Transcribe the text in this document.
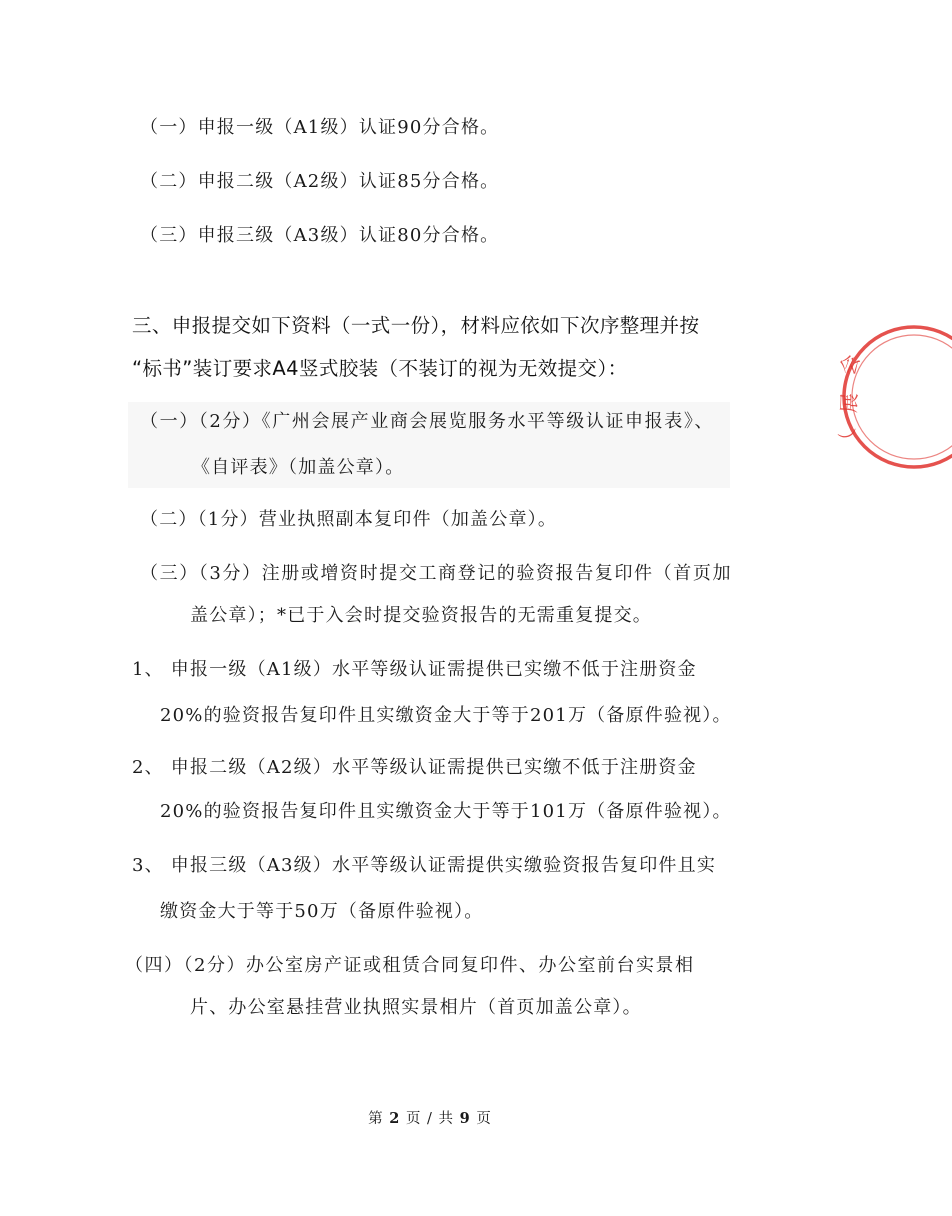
（一）申报一级（A1级）认证90分合格。
（二）申报二级（A2级）认证85分合格。
（三）申报三级（A3级）认证80分合格。
三、申报提交如下资料（一式一份），材料应依如下次序整理并按
“标书”装订要求A4竖式胶装（不装订的视为无效提交）：
（一）（2分）《广州会展产业商会展览服务水平等级认证申报表》、
《自评表》（加盖公章）。
（二）（1分）营业执照副本复印件（加盖公章）。
（三）（3分）注册或增资时提交工商登记的验资报告复印件（首页加
盖公章）；*已于入会时提交验资报告的无需重复提交。
1、 申报一级（A1级）水平等级认证需提供已实缴不低于注册资金
20%的验资报告复印件且实缴资金大于等于201万（备原件验视）。
2、 申报二级（A2级）水平等级认证需提供已实缴不低于注册资金
20%的验资报告复印件且实缴资金大于等于101万（备原件验视）。
3、 申报三级（A3级）水平等级认证需提供实缴验资报告复印件且实
缴资金大于等于50万（备原件验视）。
（四）（2分）办公室房产证或租赁合同复印件、办公室前台实景相
片、办公室悬挂营业执照实景相片（首页加盖公章）。
第 2 页 / 共 9 页
会
展
（
